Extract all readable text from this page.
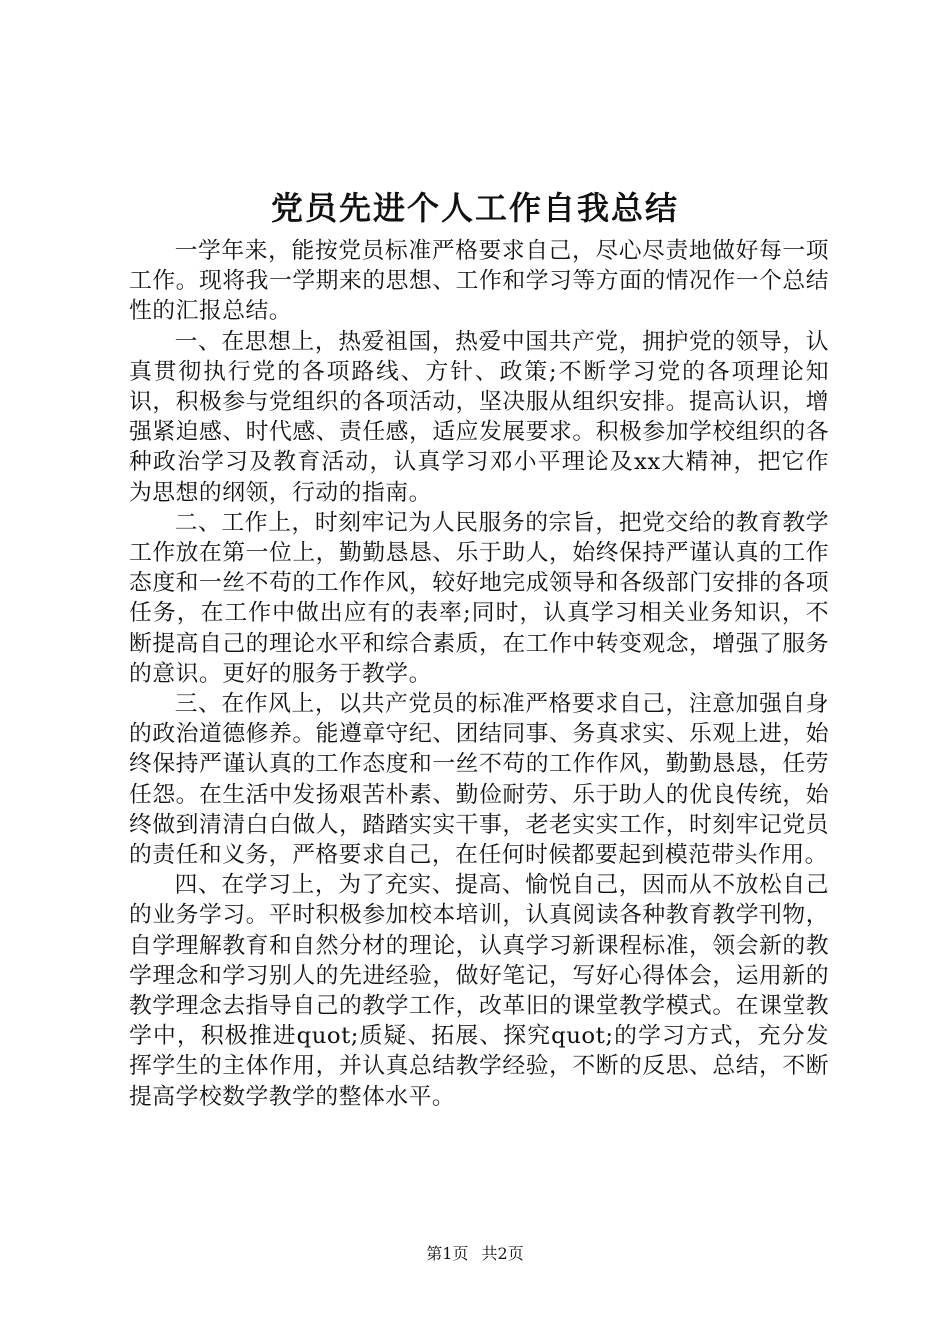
党员先进个人工作自我总结

一学年来，能按党员标准严格要求自己，尽心尽责地做好每一项工作。现将我一学期来的思想、工作和学习等方面的情况作一个总结性的汇报总结。

一、在思想上，热爱祖国，热爱中国共产党，拥护党的领导，认真贯彻执行党的各项路线、方针、政策;不断学习党的各项理论知识，积极参与党组织的各项活动，坚决服从组织安排。提高认识，增强紧迫感、时代感、责任感，适应发展要求。积极参加学校组织的各种政治学习及教育活动，认真学习邓小平理论及xx大精神，把它作为思想的纲领，行动的指南。

二、工作上，时刻牢记为人民服务的宗旨，把党交给的教育教学工作放在第一位上，勤勤恳恳、乐于助人，始终保持严谨认真的工作态度和一丝不苟的工作作风，较好地完成领导和各级部门安排的各项任务，在工作中做出应有的表率;同时，认真学习相关业务知识，不断提高自己的理论水平和综合素质，在工作中转变观念，增强了服务的意识。更好的服务于教学。

三、在作风上，以共产党员的标准严格要求自己，注意加强自身的政治道德修养。能遵章守纪、团结同事、务真求实、乐观上进，始终保持严谨认真的工作态度和一丝不苟的工作作风，勤勤恳恳，任劳任怨。在生活中发扬艰苦朴素、勤俭耐劳、乐于助人的优良传统，始终做到清清白白做人，踏踏实实干事，老老实实工作，时刻牢记党员的责任和义务，严格要求自己，在任何时候都要起到模范带头作用。

四、在学习上，为了充实、提高、愉悦自己，因而从不放松自己的业务学习。平时积极参加校本培训，认真阅读各种教育教学刊物，自学理解教育和自然分材的理论，认真学习新课程标准，领会新的教学理念和学习别人的先进经验，做好笔记，写好心得体会，运用新的教学理念去指导自己的教学工作，改革旧的课堂教学模式。在课堂教学中，积极推进quot;质疑、拓展、探究quot;的学习方式，充分发挥学生的主体作用，并认真总结教学经验，不断的反思、总结，不断提高学校数学教学的整体水平。

第1页 共2页
